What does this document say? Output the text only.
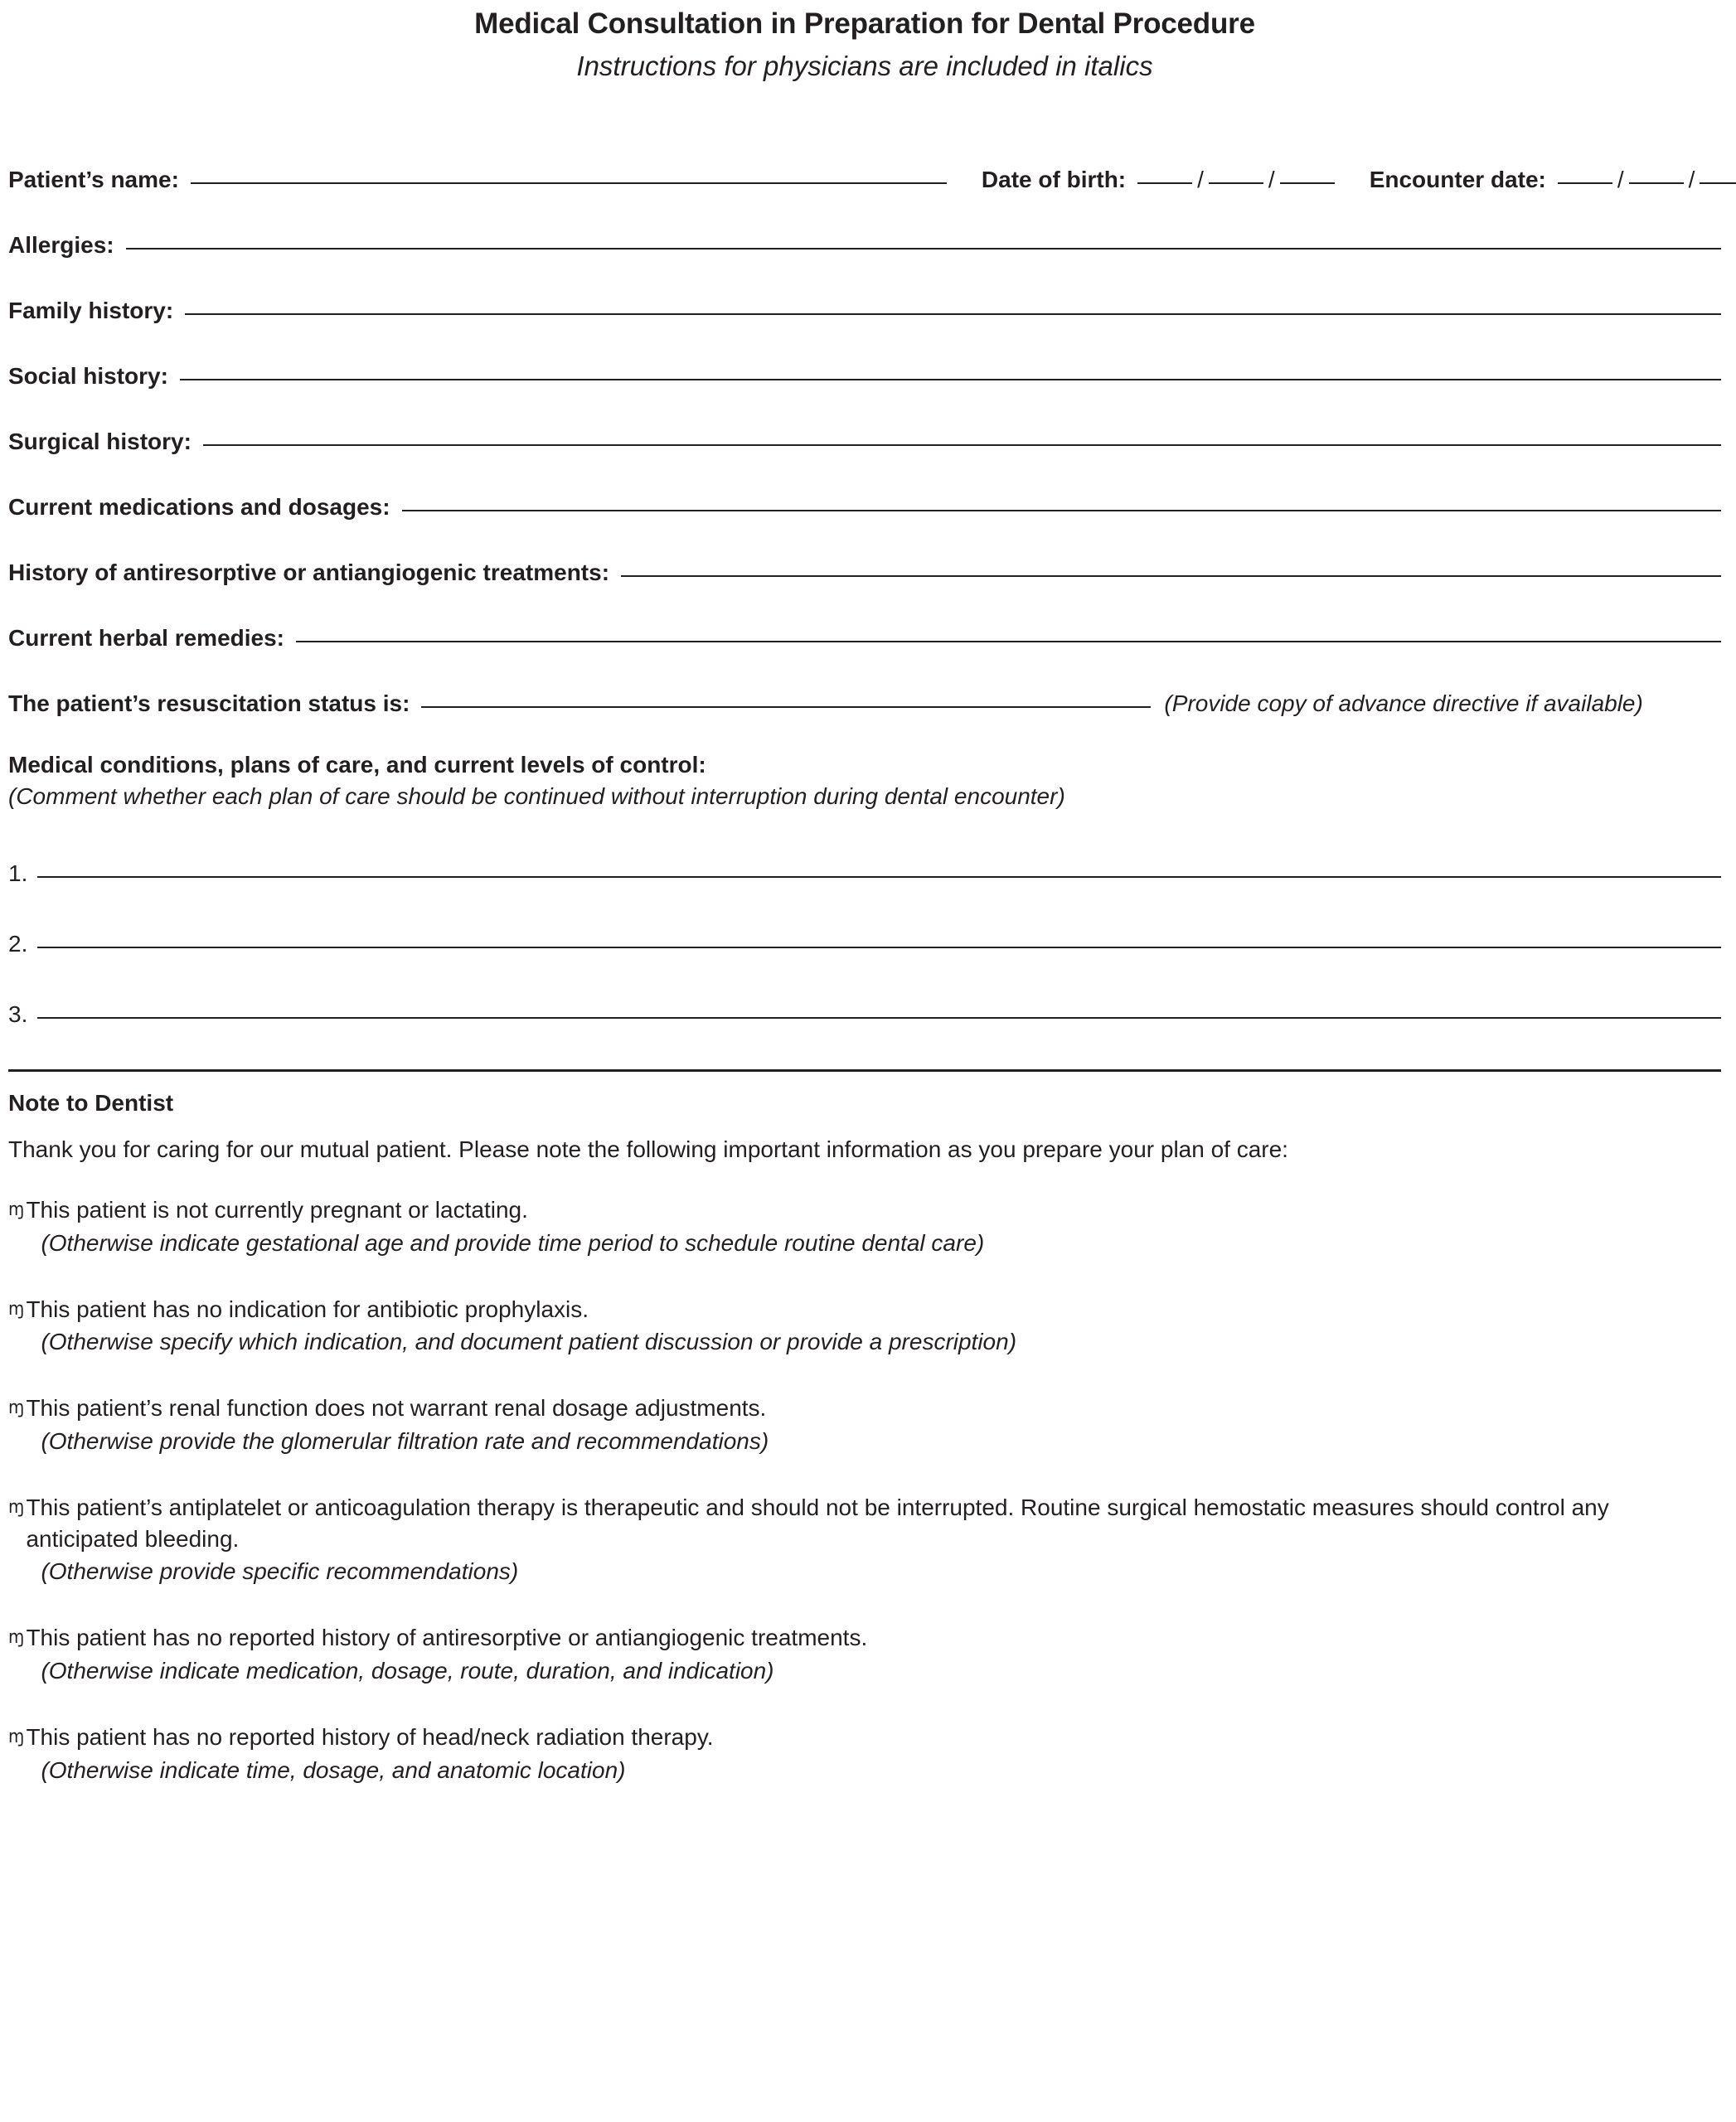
Medical Consultation in Preparation for Dental Procedure
Instructions for physicians are included in italics
Patient’s name:	Date of birth:	/	/	Encounter date:	/	/
Allergies:
Family history:
Social history:
Surgical history:
Current medications and dosages:
History of antiresorptive or antiangiogenic treatments:
Current herbal remedies:
The patient’s resuscitation status is:	(Provide copy of advance directive if available)
Medical conditions, plans of care, and current levels of control:
(Comment whether each plan of care should be continued without interruption during dental encounter)
1.
2.
3.
Note to Dentist
Thank you for caring for our mutual patient. Please note the following important information as you prepare your plan of care:
ɱ This patient is not currently pregnant or lactating.
(Otherwise indicate gestational age and provide time period to schedule routine dental care)
ɱ This patient has no indication for antibiotic prophylaxis.
(Otherwise specify which indication, and document patient discussion or provide a prescription)
ɱ This patient’s renal function does not warrant renal dosage adjustments.
(Otherwise provide the glomerular filtration rate and recommendations)
ɱ This patient’s antiplatelet or anticoagulation therapy is therapeutic and should not be interrupted. Routine surgical hemostatic measures should control any anticipated bleeding.
(Otherwise provide specific recommendations)
ɱ This patient has no reported history of antiresorptive or antiangiogenic treatments.
(Otherwise indicate medication, dosage, route, duration, and indication)
ɱ This patient has no reported history of head/neck radiation therapy.
(Otherwise indicate time, dosage, and anatomic location)
